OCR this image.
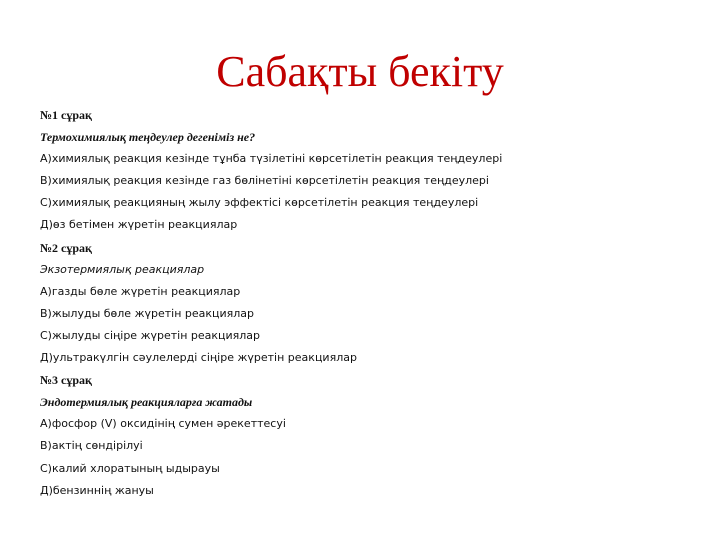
Сабақты бекіту
№1 сұрақ
Термохимиялық теңдеулер дегеніміз не?
А)химиялық реакция кезінде тұнба түзілетіні көрсетілетін реакция теңдеулері
В)химиялық реакция кезінде газ бөлінетіні көрсетілетін реакция теңдеулері
С)химиялық реакцияның жылу эффектісі көрсетілетін реакция теңдеулері
Д)өз бетімен жүретін реакциялар
№2 сұрақ
Экзотермиялық реакциялар
А)газды бөле жүретін реакциялар
В)жылуды бөле жүретін реакциялар
С)жылуды сіңіре жүретін реакциялар
Д)ультракүлгін сәулелерді сіңіре жүретін реакциялар
№3 сұрақ
Эндотермиялық реакцияларға жатады
А)фосфор (V) оксидінің сумен әрекеттесуі
В)актің сөндірілуі
С)калий хлоратының ыдырауы
Д)бензиннің жануы
